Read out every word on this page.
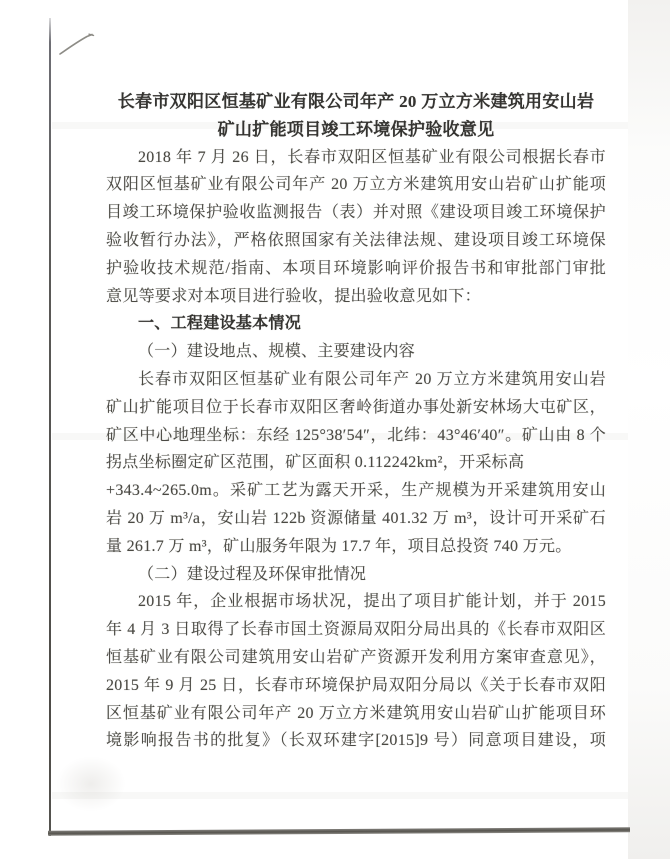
长春市双阳区恒基矿业有限公司年产 20 万立方米建筑用安山岩
矿山扩能项目竣工环境保护验收意见
2018 年 7 月 26 日，长春市双阳区恒基矿业有限公司根据长春市
双阳区恒基矿业有限公司年产 20 万立方米建筑用安山岩矿山扩能项
目竣工环境保护验收监测报告（表）并对照《建设项目竣工环境保护
验收暂行办法》，严格依照国家有关法律法规、建设项目竣工环境保
护验收技术规范/指南、本项目环境影响评价报告书和审批部门审批
意见等要求对本项目进行验收，提出验收意见如下：
一、工程建设基本情况
（一）建设地点、规模、主要建设内容
长春市双阳区恒基矿业有限公司年产 20 万立方米建筑用安山岩
矿山扩能项目位于长春市双阳区奢岭街道办事处新安林场大屯矿区，
矿区中心地理坐标：东经 125°38′54″，北纬：43°46′40″。矿山由 8 个
拐点坐标圈定矿区范围，矿区面积 0.112242km²，开采标高
+343.4~265.0m。采矿工艺为露天开采，生产规模为开采建筑用安山
岩 20 万 m³/a，安山岩 122b 资源储量 401.32 万 m³，设计可开采矿石
量 261.7 万 m³，矿山服务年限为 17.7 年，项目总投资 740 万元。
（二）建设过程及环保审批情况
2015 年，企业根据市场状况，提出了项目扩能计划，并于 2015
年 4 月 3 日取得了长春市国土资源局双阳分局出具的《长春市双阳区
恒基矿业有限公司建筑用安山岩矿产资源开发利用方案审查意见》，
2015 年 9 月 25 日，长春市环境保护局双阳分局以《关于长春市双阳
区恒基矿业有限公司年产 20 万立方米建筑用安山岩矿山扩能项目环
境影响报告书的批复》（长双环建字[2015]9 号）同意项目建设，项
